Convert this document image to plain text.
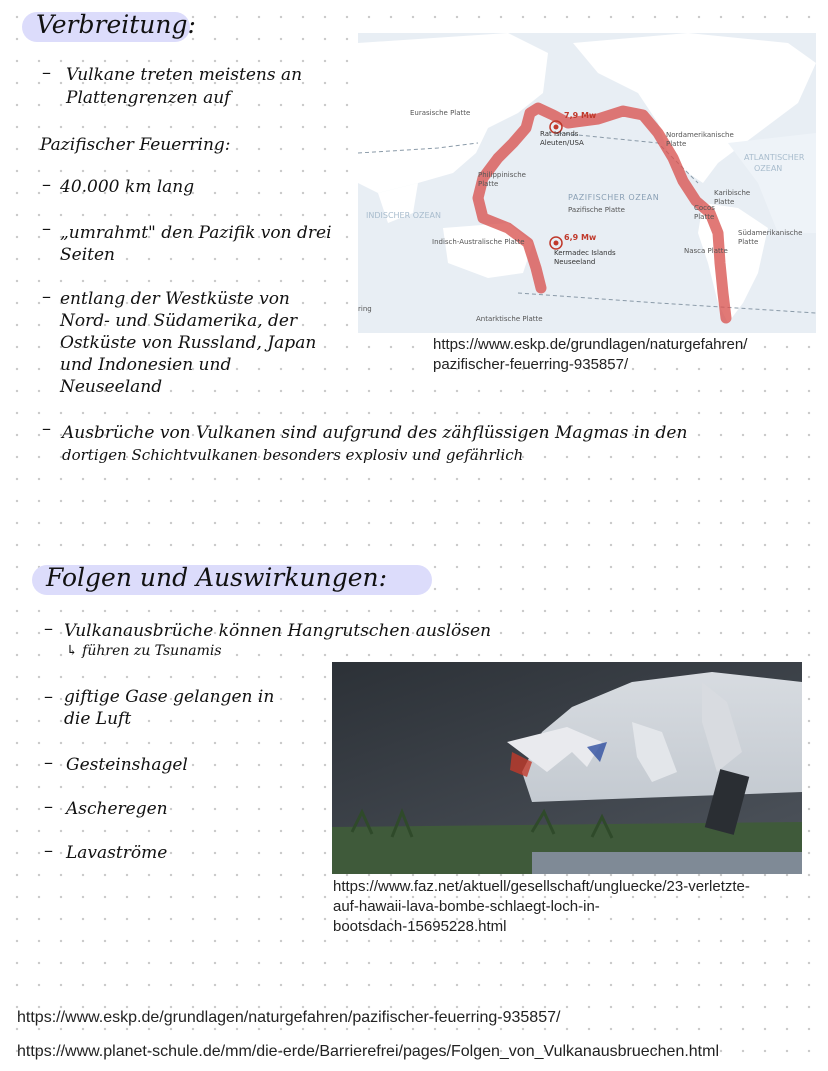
Verbreitung:
– Vulkane treten meistens an
Plattengrenzen auf
Pazifischer Feuerring:
– 40.000 km lang
– „umrahmt" den Pazifik von drei
Seiten
– entlang der Westküste von
Nord- und Südamerika, der
Ostküste von Russland, Japan
und Indonesien und
Neuseeland
– Ausbrüche von Vulkanen sind aufgrund des zähflüssigen Magmas in den
dortigen Schichtvulkanen besonders explosiv und gefährlich
Eurasische Platte	7,9 Mw
Rat Islands
Aleuten/USA
Nordamerikanische
Platte
Philippinische
Platte
PAZIFISCHER OZEAN
Pazifische Platte
Karibische
Platte
Cocos
Platte
ATLANTISCHER
OZEAN
INDISCHER OZEAN
Indisch-Australische Platte	6,9 Mw
Kermadec Islands
Neuseeland
Nasca Platte
Südamerikanische
Platte
Antarktische Platte
ring
https://www.eskp.de/grundlagen/naturgefahren/
pazifischer-feuerring-935857/
Folgen und Auswirkungen:
– Vulkanausbrüche können Hangrutschen auslösen
↳ führen zu Tsunamis
– giftige Gase gelangen in
die Luft
– Gesteinshagel
– Ascheregen
– Lavaströme
https://www.faz.net/aktuell/gesellschaft/ungluecke/23-verletzte-
auf-hawaii-lava-bombe-schlaegt-loch-in-
bootsdach-15695228.html
https://www.eskp.de/grundlagen/naturgefahren/pazifischer-feuerring-935857/
https://www.planet-schule.de/mm/die-erde/Barrierefrei/pages/Folgen_von_Vulkanausbruechen.html
